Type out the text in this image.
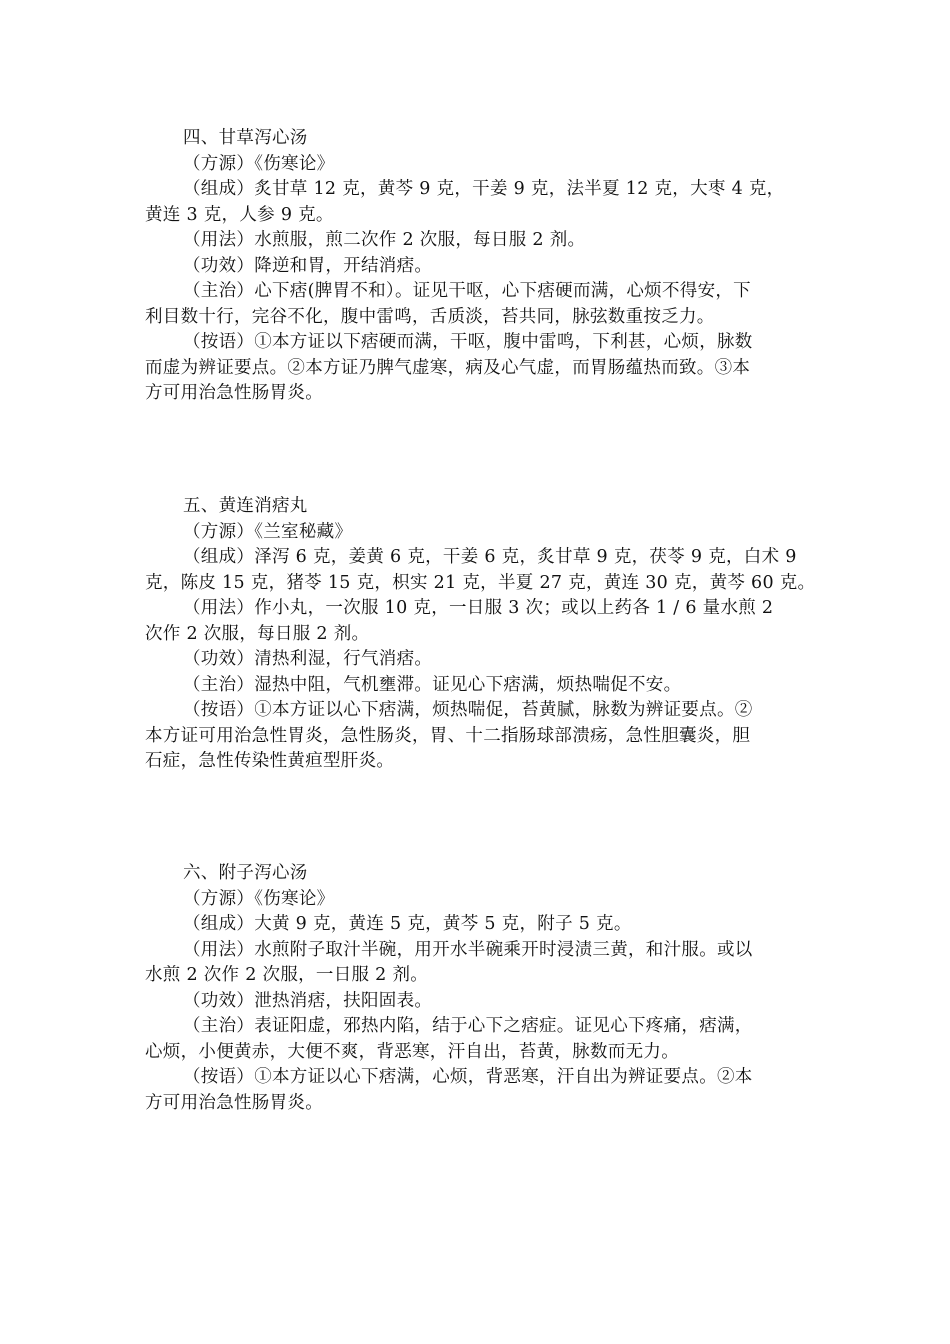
四、甘草泻心汤
（方源）《伤寒论》
（组成）炙甘草 12 克，黄芩 9 克，干姜 9 克，法半夏 12 克，大枣 4 克，
黄连 3 克，人参 9 克。
（用法）水煎服，煎二次作 2 次服，每日服 2 剂。
（功效）降逆和胃，开结消痞。
（主治）心下痞(脾胃不和）。证见干呕，心下痞硬而满，心烦不得安，下
利目数十行，完谷不化，腹中雷鸣，舌质淡，苔共同，脉弦数重按乏力。
（按语）①本方证以下痞硬而满，干呕，腹中雷鸣，下利甚，心烦，脉数
而虚为辨证要点。②本方证乃脾气虚寒，病及心气虚，而胃肠蕴热而致。③本
方可用治急性肠胃炎。
五、黄连消痞丸
（方源）《兰室秘藏》
（组成）泽泻 6 克，姜黄 6 克，干姜 6 克，炙甘草 9 克，茯苓 9 克，白术 9
克，陈皮 15 克，猪苓 15 克，枳实 21 克，半夏 27 克，黄连 30 克，黄芩 60 克。
（用法）作小丸，一次服 10 克，一日服 3 次；或以上药各 1 / 6 量水煎 2
次作 2 次服，每日服 2 剂。
（功效）清热利湿，行气消痞。
（主治）湿热中阻，气机壅滞。证见心下痞满，烦热喘促不安。
（按语）①本方证以心下痞满，烦热喘促，苔黄腻，脉数为辨证要点。②
本方证可用治急性胃炎，急性肠炎，胃、十二指肠球部溃疡，急性胆囊炎，胆
石症，急性传染性黄疸型肝炎。
六、附子泻心汤
（方源）《伤寒论》
（组成）大黄 9 克，黄连 5 克，黄芩 5 克，附子 5 克。
（用法）水煎附子取汁半碗，用开水半碗乘开时浸渍三黄，和汁服。或以
水煎 2 次作 2 次服，一日服 2 剂。
（功效）泄热消痞，扶阳固表。
（主治）表证阳虚，邪热内陷，结于心下之痞症。证见心下疼痛，痞满，
心烦，小便黄赤，大便不爽，背恶寒，汗自出，苔黄，脉数而无力。
（按语）①本方证以心下痞满，心烦，背恶寒，汗自出为辨证要点。②本
方可用治急性肠胃炎。
